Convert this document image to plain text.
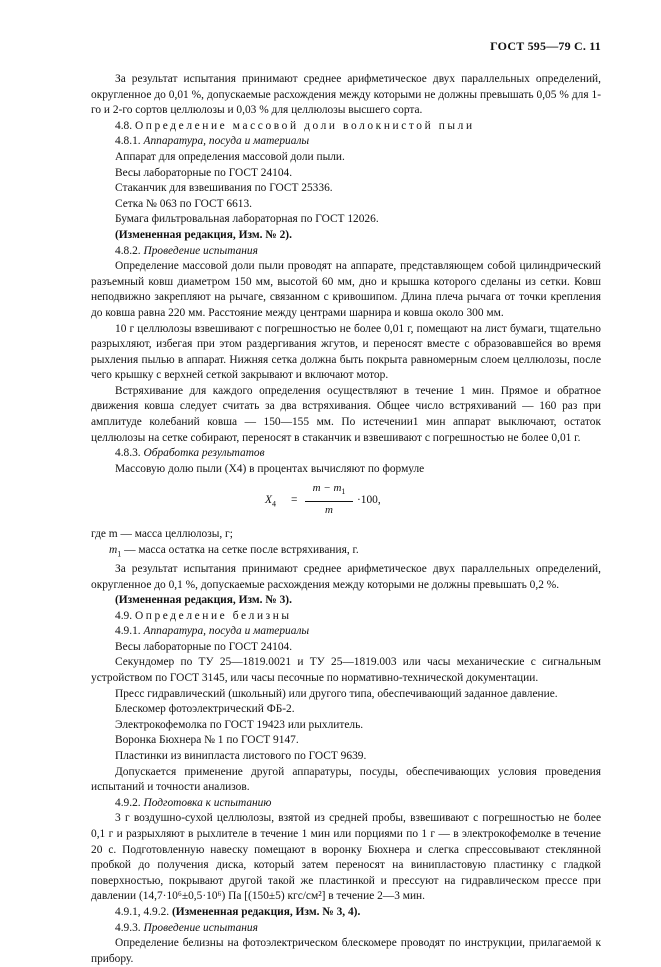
ГОСТ 595—79 С. 11

За результат испытания принимают среднее арифметическое двух параллельных определений, округленное до 0,01 %, допускаемые расхождения между которыми не должны превышать 0,05 % для 1-го и 2-го сортов целлюлозы и 0,03 % для целлюлозы высшего сорта.

4.8. Определение массовой доли волокнистой пыли

4.8.1. Аппаратура, посуда и материалы

Аппарат для определения массовой доли пыли.

Весы лабораторные по ГОСТ 24104.

Стаканчик для взвешивания по ГОСТ 25336.

Сетка № 063 по ГОСТ 6613.

Бумага фильтровальная лабораторная по ГОСТ 12026.

(Измененная редакция, Изм. № 2).

4.8.2. Проведение испытания

Определение массовой доли пыли проводят на аппарате, представляющем собой цилиндрический разъемный ковш диаметром 150 мм, высотой 60 мм, дно и крышка которого сделаны из сетки. Ковш неподвижно закрепляют на рычаге, связанном с кривошипом. Длина плеча рычага от точки крепления до ковша равна 220 мм. Расстояние между центрами шарнира и ковша около 300 мм.

10 г целлюлозы взвешивают с погрешностью не более 0,01 г, помещают на лист бумаги, тщательно разрыхляют, избегая при этом раздергивания жгутов, и переносят вместе с образовавшейся во время рыхления пылью в аппарат. Нижняя сетка должна быть покрыта равномерным слоем целлюлозы, после чего крышку с верхней сеткой закрывают и включают мотор.

Встряхивание для каждого определения осуществляют в течение 1 мин. Прямое и обратное движения ковша следует считать за два встряхивания. Общее число встряхиваний — 160 раз при амплитуде колебаний ковша — 150—155 мм. По истечении1 мин аппарат выключают, остаток целлюлозы на сетке собирают, переносят в стаканчик и взвешивают с погрешностью не более 0,01 г.

4.8.3. Обработка результатов

Массовую долю пыли (X4) в процентах вычисляют по формуле

$X_4$ =
$m - m_1$
m
·100,

где m — масса целлюлозы, г;

$m_1$ — масса остатка на сетке после встряхивания, г.

За результат испытания принимают среднее арифметическое двух параллельных определений, округленное до 0,1 %, допускаемые расхождения между которыми не должны превышать 0,2 %.

(Измененная редакция, Изм. № 3).

4.9. Определение белизны

4.9.1. Аппаратура, посуда и материалы

Весы лабораторные по ГОСТ 24104.

Секундомер по ТУ 25—1819.0021 и ТУ 25—1819.003 или часы механические с сигнальным устройством по ГОСТ 3145, или часы песочные по нормативно-технической документации.

Пресс гидравлический (школьный) или другого типа, обеспечивающий заданное давление.

Блескомер фотоэлектрический ФБ-2.

Электрокофемолка по ГОСТ 19423 или рыхлитель.

Воронка Бюхнера № 1 по ГОСТ 9147.

Пластинки из винипласта листового по ГОСТ 9639.

Допускается применение другой аппаратуры, посуды, обеспечивающих условия проведения испытаний и точности анализов.

4.9.2. Подготовка к испытанию

3 г воздушно-сухой целлюлозы, взятой из средней пробы, взвешивают с погрешностью не более 0,1 г и разрыхляют в рыхлителе в течение 1 мин или порциями по 1 г — в электрокофемолке в течение 20 с. Подготовленную навеску помещают в воронку Бюхнера и слегка спрессовывают стеклянной пробкой до получения диска, который затем переносят на винипластовую пластинку с гладкой поверхностью, покрывают другой такой же пластинкой и прессуют на гидравлическом прессе при давлении (14,7·10⁶±0,5·10⁶) Па [(150±5) кгс/см²] в течение 2—3 мин.

4.9.1, 4.9.2. (Измененная редакция, Изм. № 3, 4).

4.9.3. Проведение испытания

Определение белизны на фотоэлектрическом блескомере проводят по инструкции, прилагаемой к прибору.
